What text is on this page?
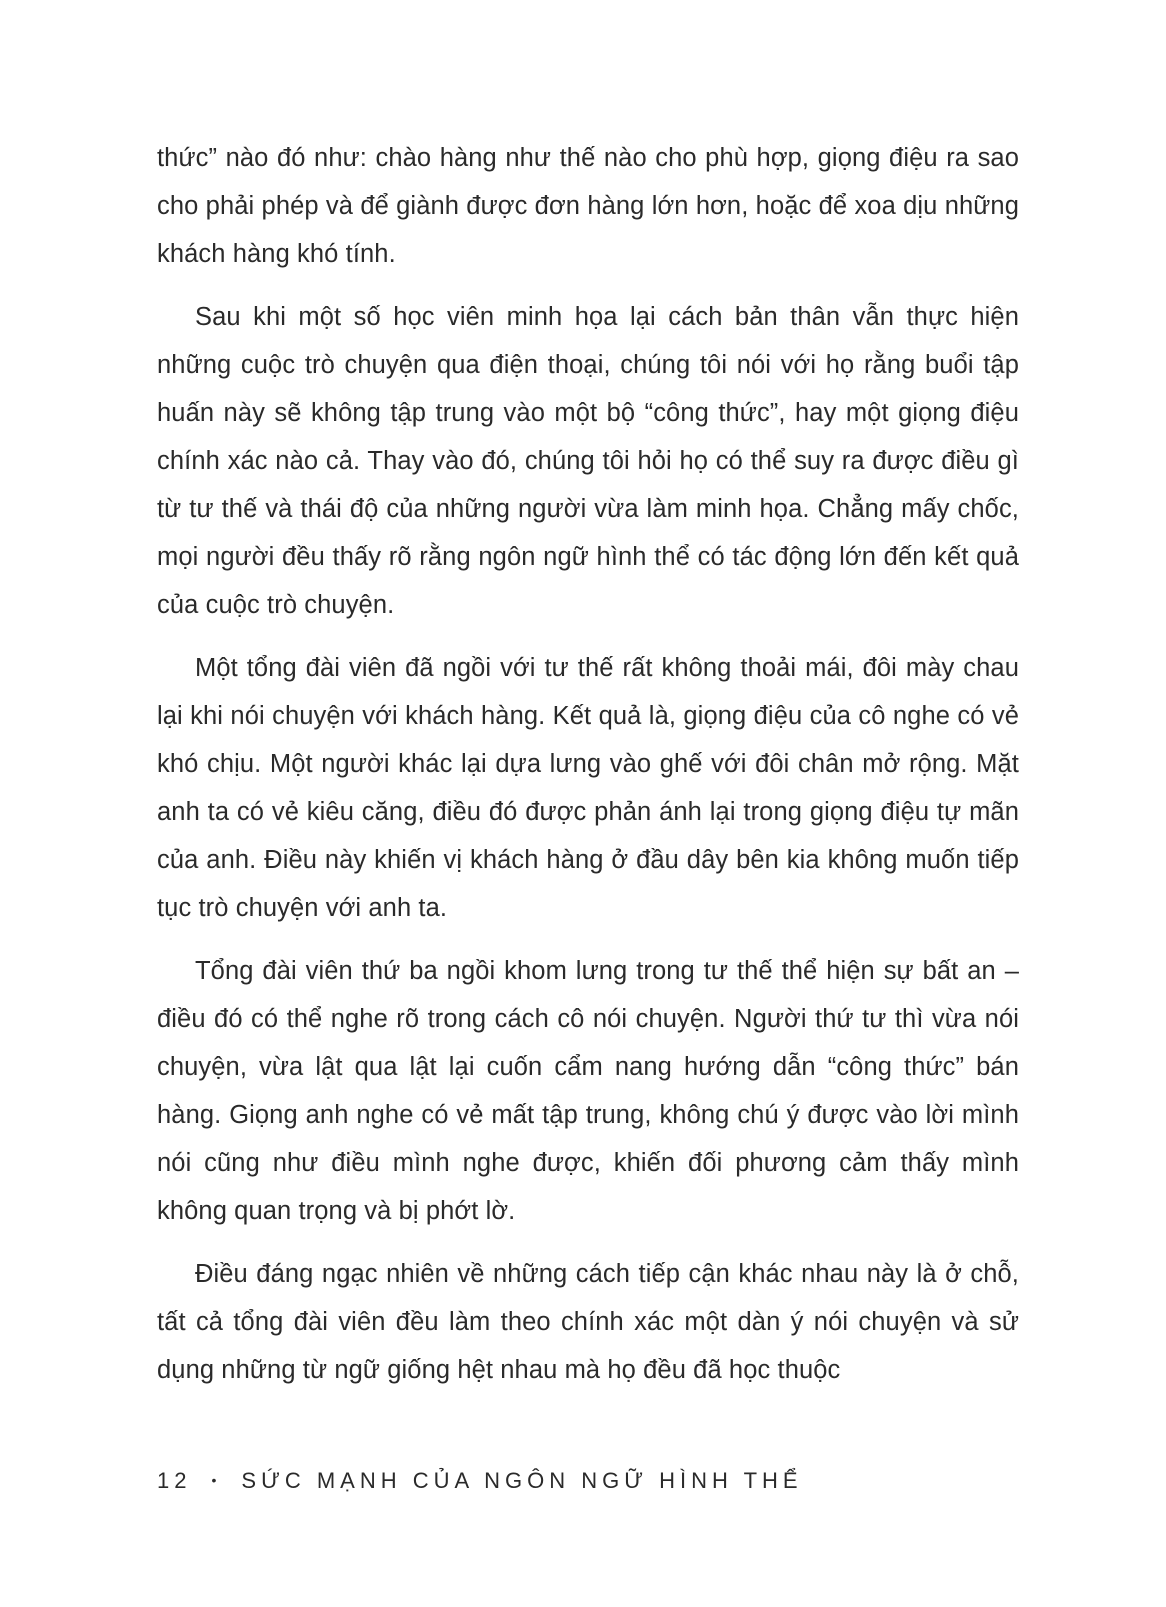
thức” nào đó như: chào hàng như thế nào cho phù hợp, giọng điệu ra sao cho phải phép và để giành được đơn hàng lớn hơn, hoặc để xoa dịu những khách hàng khó tính.

Sau khi một số học viên minh họa lại cách bản thân vẫn thực hiện những cuộc trò chuyện qua điện thoại, chúng tôi nói với họ rằng buổi tập huấn này sẽ không tập trung vào một bộ “công thức”, hay một giọng điệu chính xác nào cả. Thay vào đó, chúng tôi hỏi họ có thể suy ra được điều gì từ tư thế và thái độ của những người vừa làm minh họa. Chẳng mấy chốc, mọi người đều thấy rõ rằng ngôn ngữ hình thể có tác động lớn đến kết quả của cuộc trò chuyện.

Một tổng đài viên đã ngồi với tư thế rất không thoải mái, đôi mày chau lại khi nói chuyện với khách hàng. Kết quả là, giọng điệu của cô nghe có vẻ khó chịu. Một người khác lại dựa lưng vào ghế với đôi chân mở rộng. Mặt anh ta có vẻ kiêu căng, điều đó được phản ánh lại trong giọng điệu tự mãn của anh. Điều này khiến vị khách hàng ở đầu dây bên kia không muốn tiếp tục trò chuyện với anh ta.

Tổng đài viên thứ ba ngồi khom lưng trong tư thế thể hiện sự bất an – điều đó có thể nghe rõ trong cách cô nói chuyện. Người thứ tư thì vừa nói chuyện, vừa lật qua lật lại cuốn cẩm nang hướng dẫn “công thức” bán hàng. Giọng anh nghe có vẻ mất tập trung, không chú ý được vào lời mình nói cũng như điều mình nghe được, khiến đối phương cảm thấy mình không quan trọng và bị phớt lờ.

Điều đáng ngạc nhiên về những cách tiếp cận khác nhau này là ở chỗ, tất cả tổng đài viên đều làm theo chính xác một dàn ý nói chuyện và sử dụng những từ ngữ giống hệt nhau mà họ đều đã học thuộc

12 • SỨC MẠNH CỦA NGÔN NGỮ HÌNH THỂ
